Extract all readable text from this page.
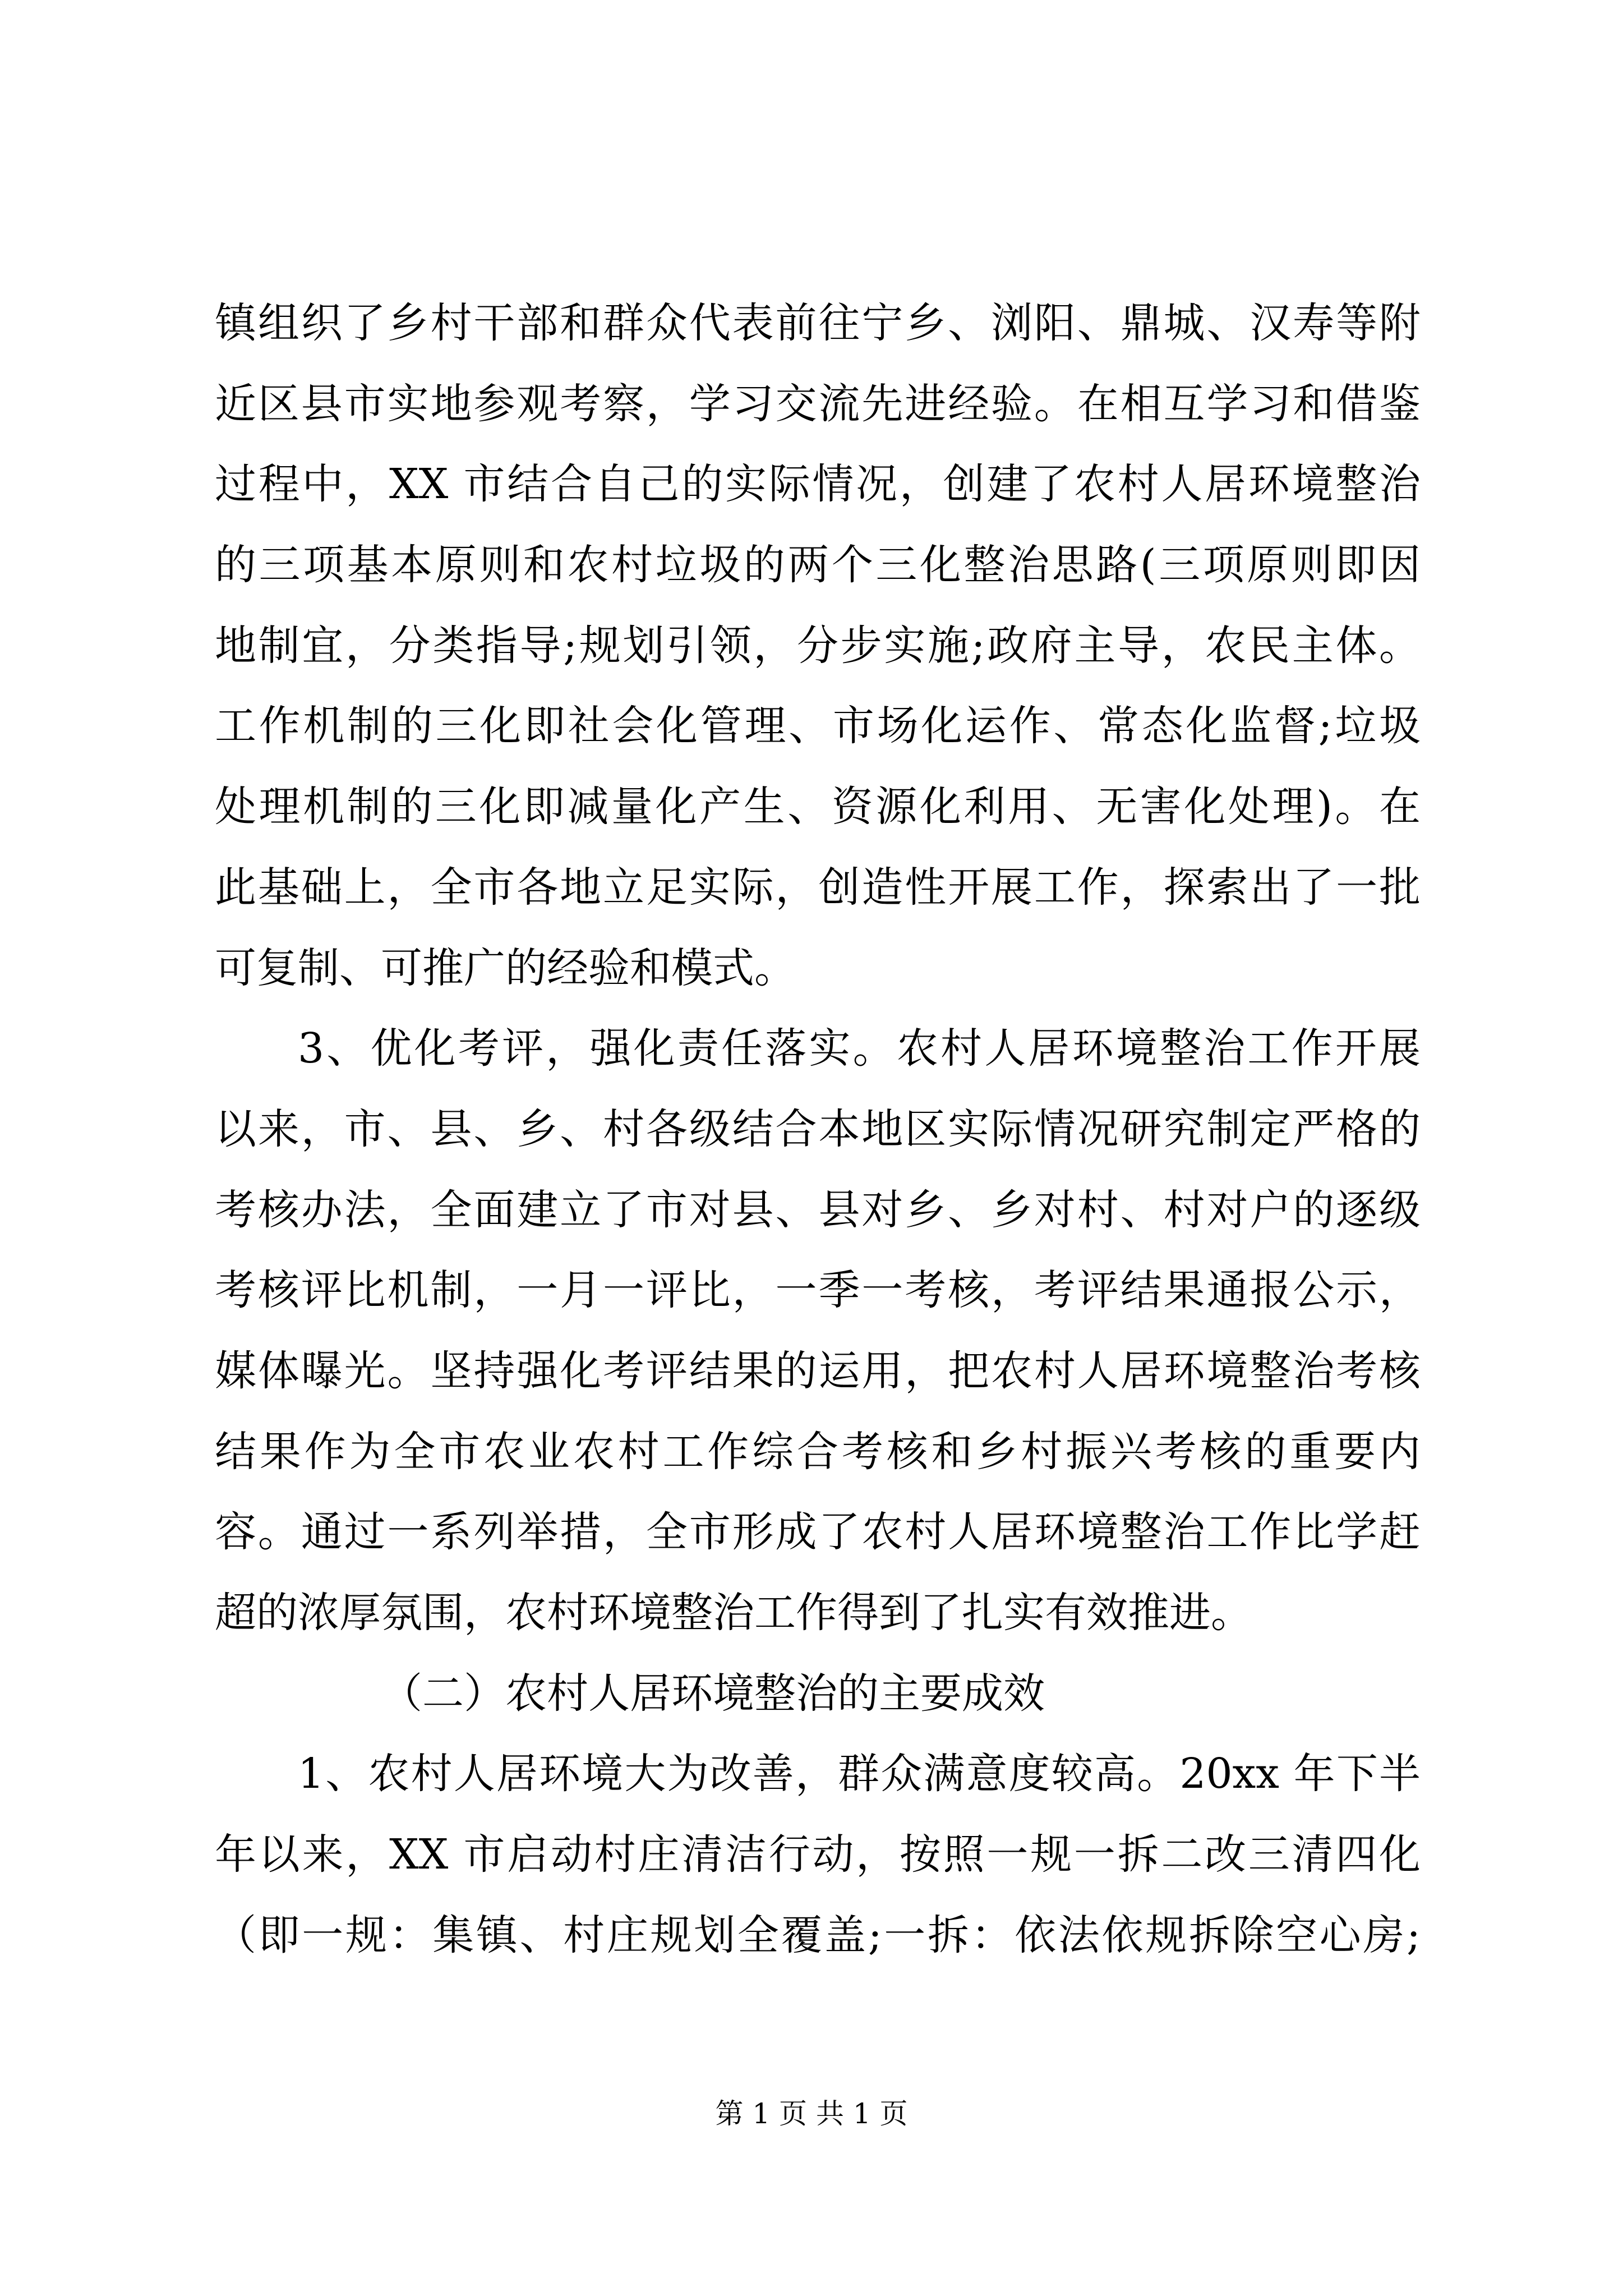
镇组织了乡村干部和群众代表前往宁乡、浏阳、鼎城、汉寿等附
近区县市实地参观考察，学习交流先进经验。在相互学习和借鉴
过程中，XX 市结合自己的实际情况，创建了农村人居环境整治
的三项基本原则和农村垃圾的两个三化整治思路(三项原则即因
地制宜，分类指导;规划引领，分步实施;政府主导，农民主体。
工作机制的三化即社会化管理、市场化运作、常态化监督;垃圾
处理机制的三化即减量化产生、资源化利用、无害化处理)。在
此基础上，全市各地立足实际，创造性开展工作，探索出了一批
可复制、可推广的经验和模式。
3、优化考评，强化责任落实。农村人居环境整治工作开展
以来，市、县、乡、村各级结合本地区实际情况研究制定严格的
考核办法，全面建立了市对县、县对乡、乡对村、村对户的逐级
考核评比机制，一月一评比，一季一考核，考评结果通报公示，
媒体曝光。坚持强化考评结果的运用，把农村人居环境整治考核
结果作为全市农业农村工作综合考核和乡村振兴考核的重要内
容。通过一系列举措，全市形成了农村人居环境整治工作比学赶
超的浓厚氛围，农村环境整治工作得到了扎实有效推进。
（二）农村人居环境整治的主要成效
1、农村人居环境大为改善，群众满意度较高。20xx 年下半
年以来，XX 市启动村庄清洁行动，按照一规一拆二改三清四化
（即一规：集镇、村庄规划全覆盖;一拆：依法依规拆除空心房;
第 1 页 共 1 页
